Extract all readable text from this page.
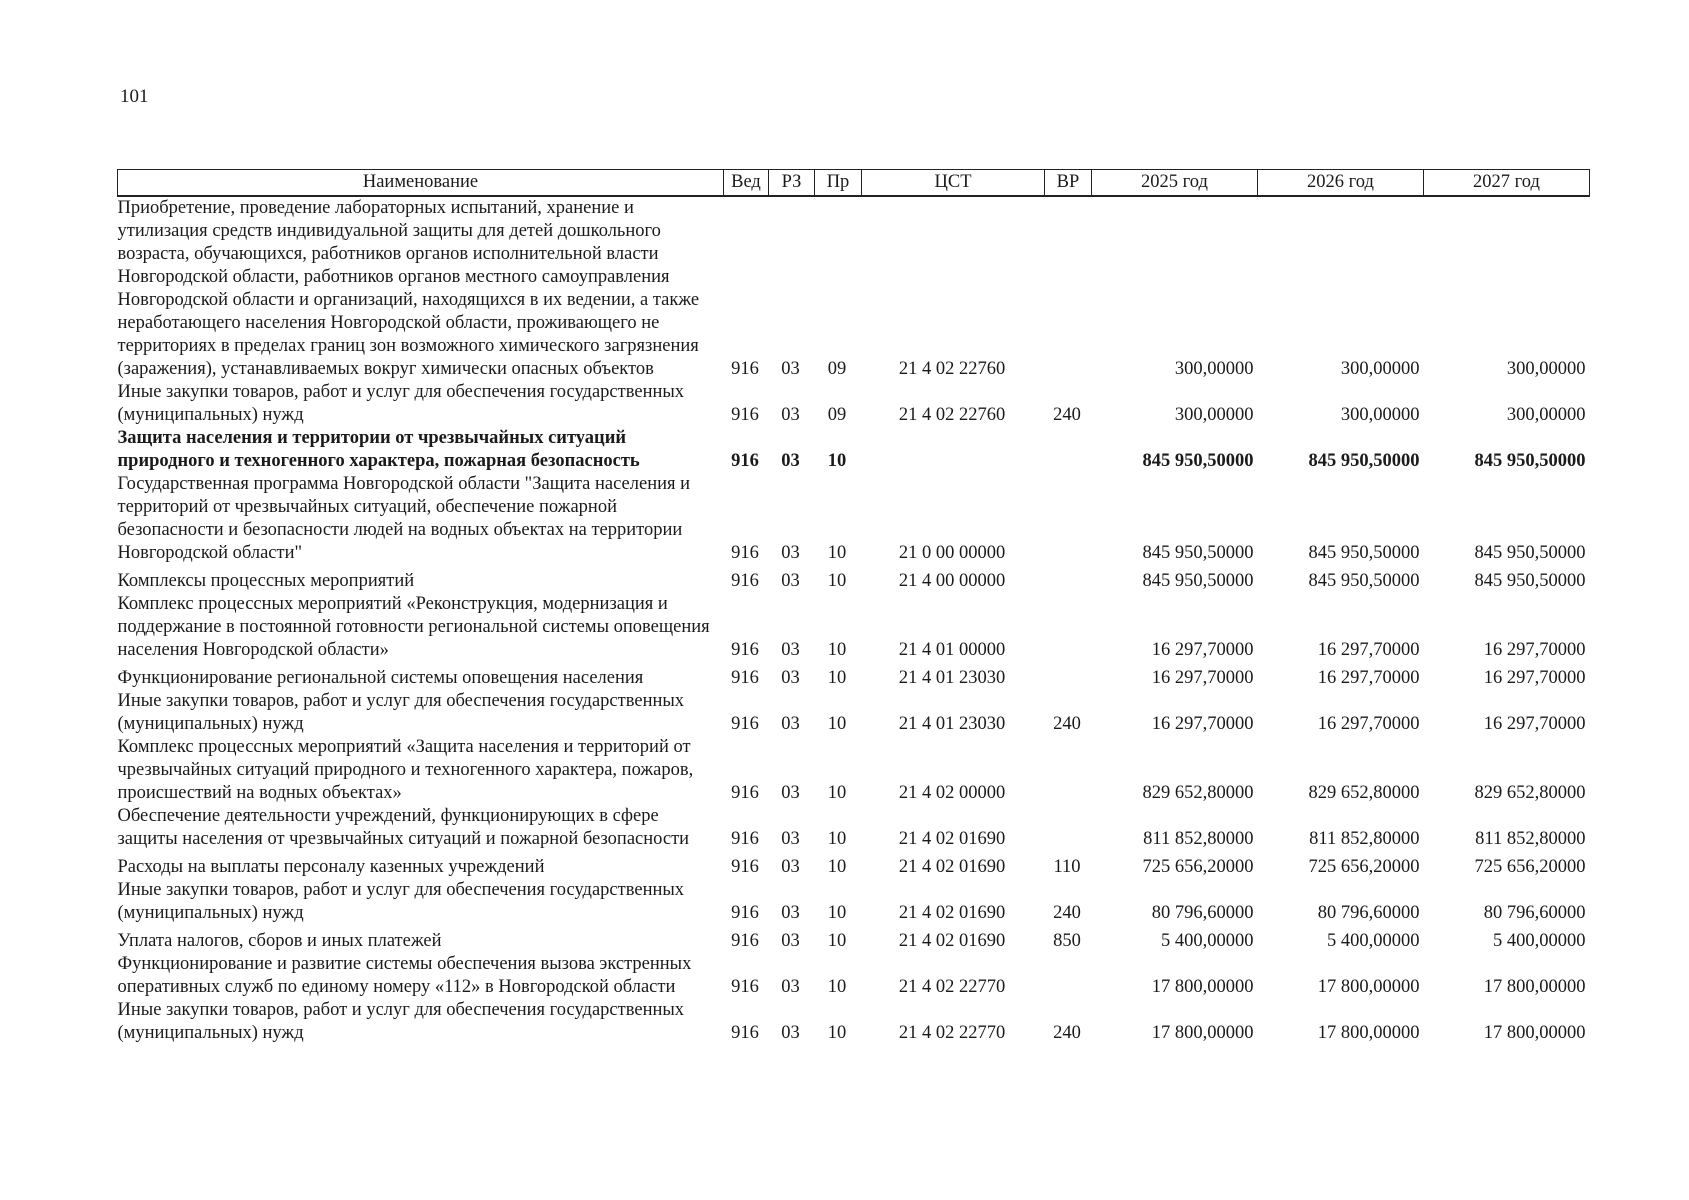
101
Наименование	Вед	РЗ	Пр	ЦСТ	ВР	2025 год	2026 год	2027 год
Приобретение, проведение лабораторных испытаний, хранение и утилизация средств индивидуальной защиты для детей дошкольного возраста, обучающихся, работников органов исполнительной власти Новгородской области, работников органов местного самоуправления Новгородской области и организаций, находящихся в их ведении, а также неработающего населения Новгородской области, проживающего не территориях в пределах границ зон возможного химического загрязнения (заражения), устанавливаемых вокруг химически опасных объектов	916	03	09	21 4 02 22760		300,00000	300,00000	300,00000
Иные закупки товаров, работ и услуг для обеспечения государственных (муниципальных) нужд	916	03	09	21 4 02 22760	240	300,00000	300,00000	300,00000
Защита населения и территории от чрезвычайных ситуаций природного и техногенного характера, пожарная безопасность	916	03	10			845 950,50000	845 950,50000	845 950,50000
Государственная программа Новгородской области "Защита населения и территорий от чрезвычайных ситуаций, обеспечение пожарной безопасности и безопасности людей на водных объектах на территории Новгородской области"	916	03	10	21 0 00 00000		845 950,50000	845 950,50000	845 950,50000
Комплексы процессных мероприятий	916	03	10	21 4 00 00000		845 950,50000	845 950,50000	845 950,50000
Комплекс процессных мероприятий «Реконструкция, модернизация и поддержание в постоянной готовности региональной системы оповещения населения Новгородской области»	916	03	10	21 4 01 00000		16 297,70000	16 297,70000	16 297,70000
Функционирование региональной системы оповещения населения	916	03	10	21 4 01 23030		16 297,70000	16 297,70000	16 297,70000
Иные закупки товаров, работ и услуг для обеспечения государственных (муниципальных) нужд	916	03	10	21 4 01 23030	240	16 297,70000	16 297,70000	16 297,70000
Комплекс процессных мероприятий «Защита населения и территорий от чрезвычайных ситуаций природного и техногенного характера, пожаров, происшествий на водных объектах»	916	03	10	21 4 02 00000		829 652,80000	829 652,80000	829 652,80000
Обеспечение деятельности учреждений, функционирующих в сфере защиты населения от чрезвычайных ситуаций и пожарной безопасности	916	03	10	21 4 02 01690		811 852,80000	811 852,80000	811 852,80000
Расходы на выплаты персоналу казенных учреждений	916	03	10	21 4 02 01690	110	725 656,20000	725 656,20000	725 656,20000
Иные закупки товаров, работ и услуг для обеспечения государственных (муниципальных) нужд	916	03	10	21 4 02 01690	240	80 796,60000	80 796,60000	80 796,60000
Уплата налогов, сборов и иных платежей	916	03	10	21 4 02 01690	850	5 400,00000	5 400,00000	5 400,00000
Функционирование и развитие системы обеспечения вызова экстренных оперативных служб по единому номеру «112» в Новгородской области	916	03	10	21 4 02 22770		17 800,00000	17 800,00000	17 800,00000
Иные закупки товаров, работ и услуг для обеспечения государственных (муниципальных) нужд	916	03	10	21 4 02 22770	240	17 800,00000	17 800,00000	17 800,00000
